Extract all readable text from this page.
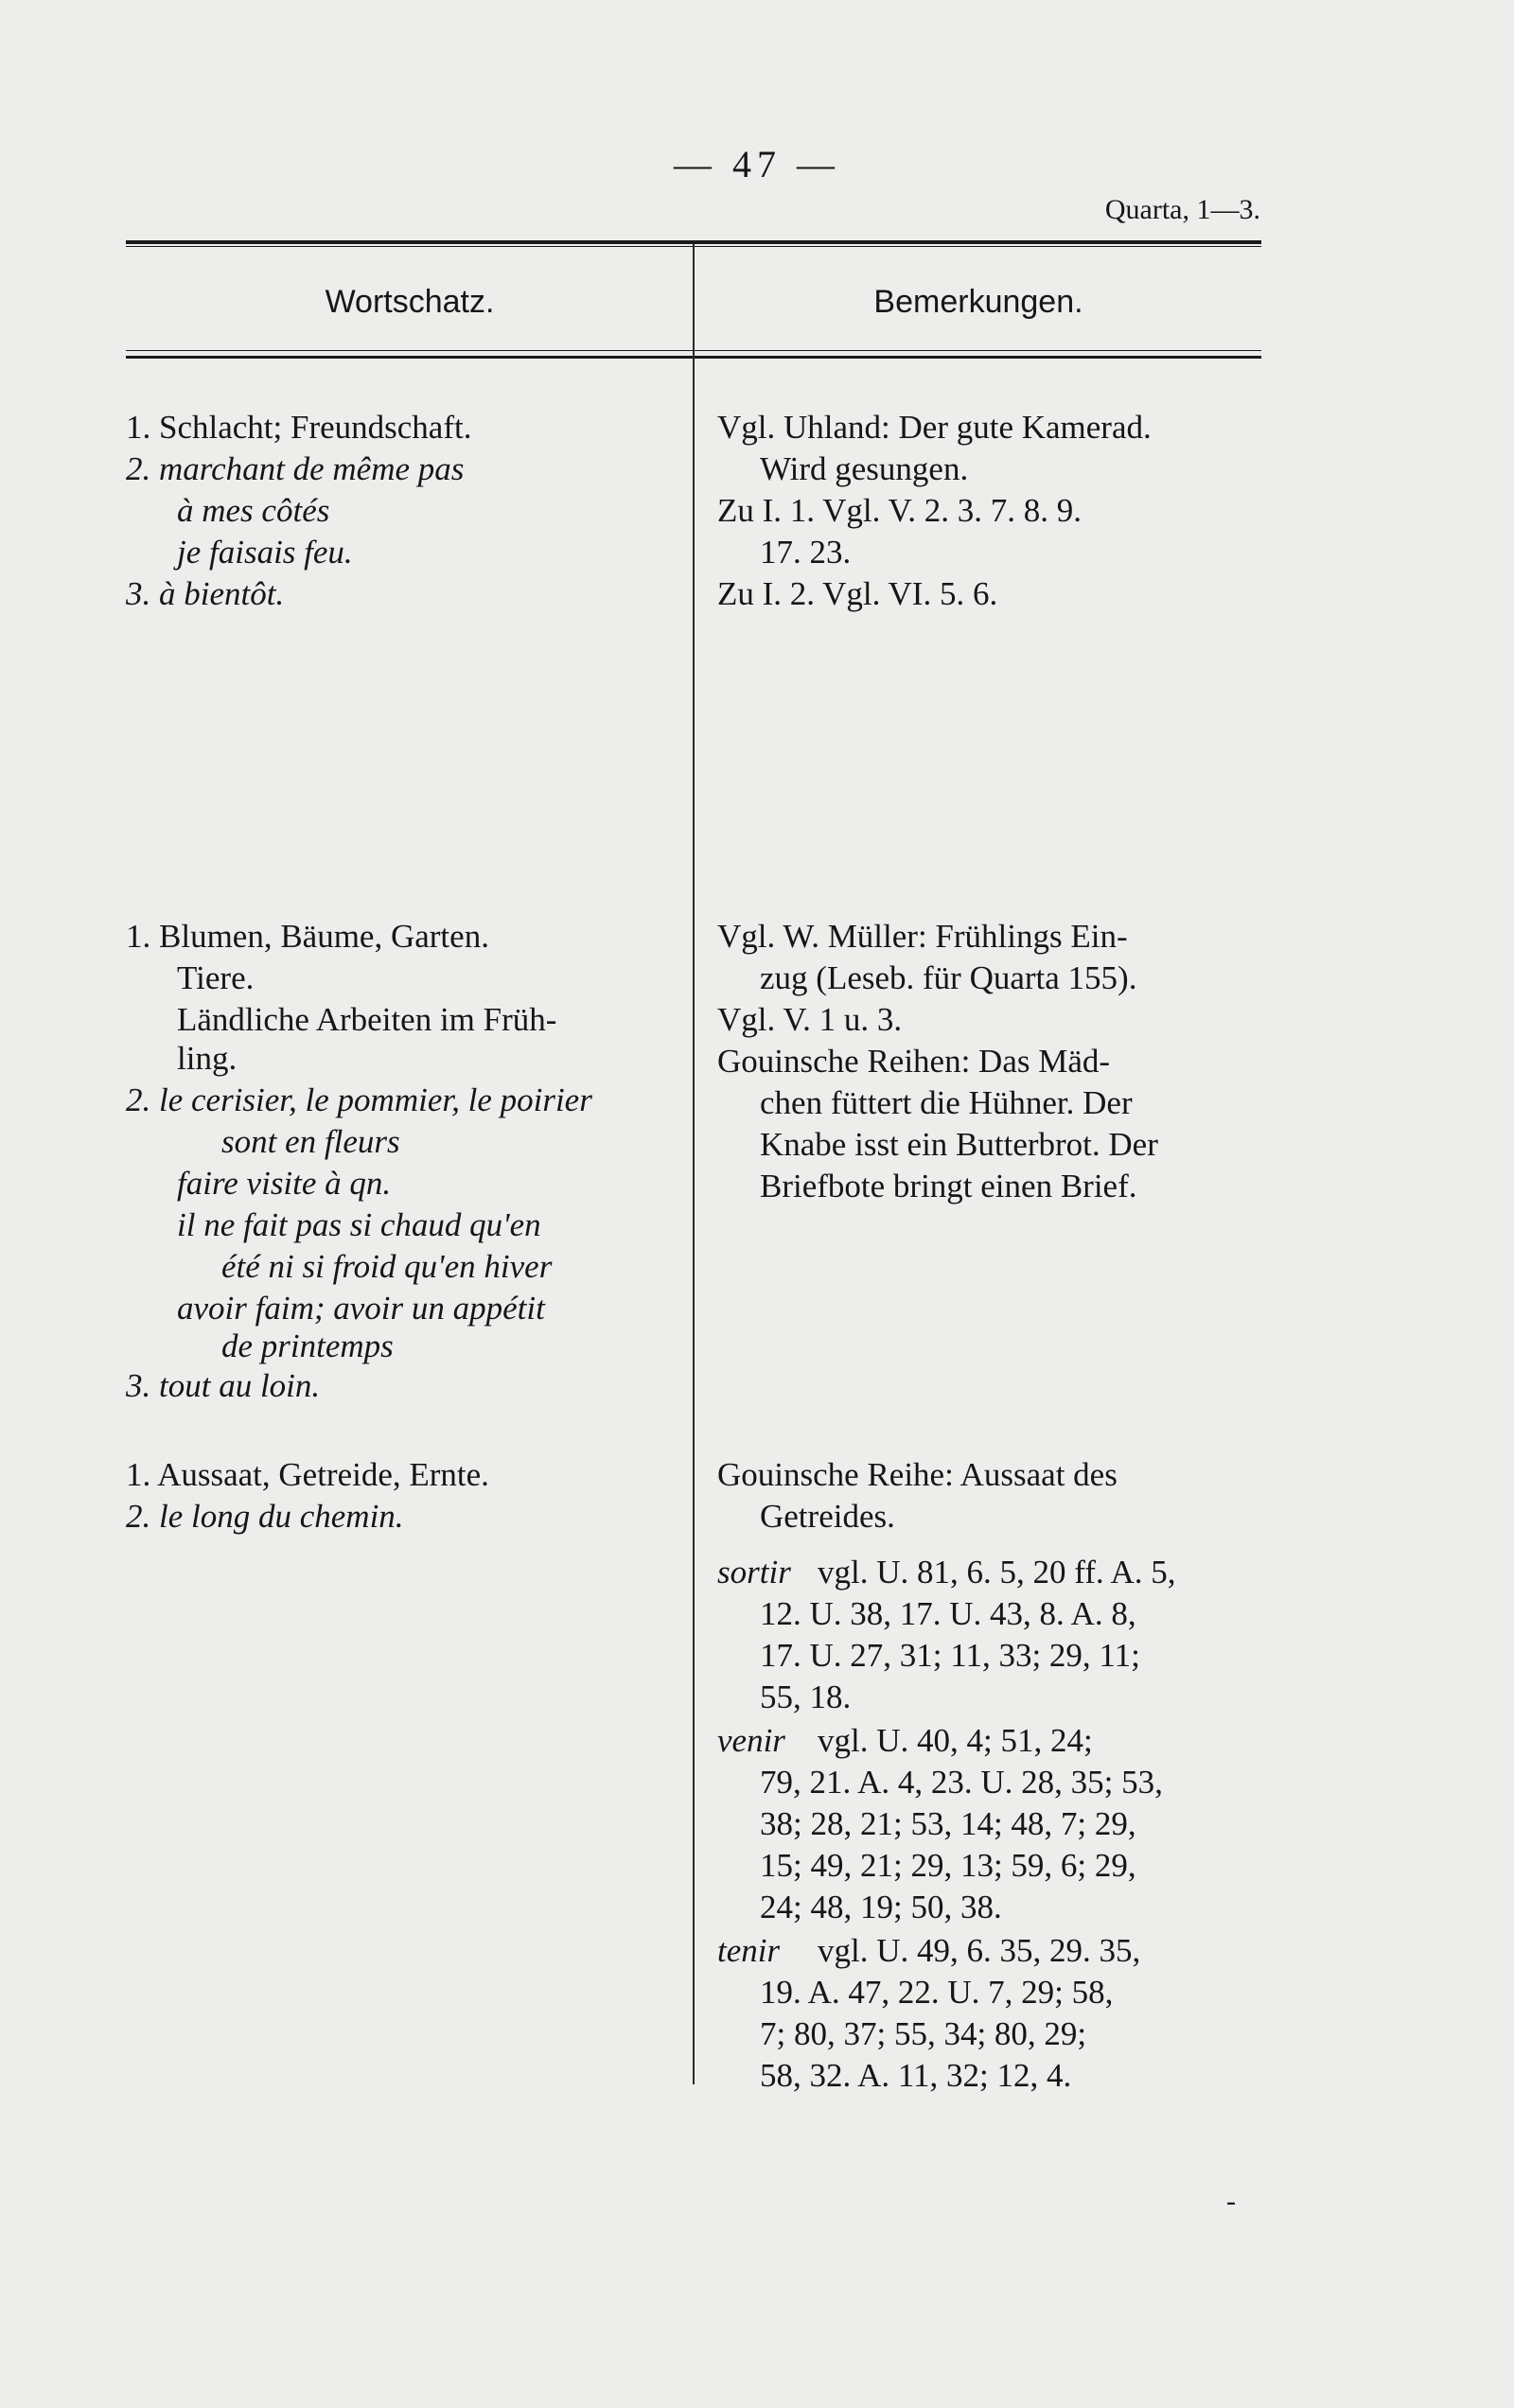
— 47 —
Quarta, 1—3.
Wortschatz.	Bemerkungen.
1. Schlacht; Freundschaft.
2. marchant de même pas
à mes côtés
je faisais feu.
3. à bientôt.
1. Blumen, Bäume, Garten.
Tiere.
Ländliche Arbeiten im Früh-
ling.
2. le cerisier, le pommier, le poirier
sont en fleurs
faire visite à qn.
il ne fait pas si chaud qu'en
été ni si froid qu'en hiver
avoir faim; avoir un appétit
de printemps
3. tout au loin.
1. Aussaat, Getreide, Ernte.
2. le long du chemin.
Vgl. Uhland: Der gute Kamerad.
Wird gesungen.
Zu I. 1. Vgl. V. 2. 3. 7. 8. 9.
17. 23.
Zu I. 2. Vgl. VI. 5. 6.
Vgl. W. Müller: Frühlings Ein-
zug (Leseb. für Quarta 155).
Vgl. V. 1 u. 3.
Gouinsche Reihen: Das Mäd-
chen füttert die Hühner. Der
Knabe isst ein Butterbrot. Der
Briefbote bringt einen Brief.
Gouinsche Reihe: Aussaat des
Getreides.
sortir vgl. U. 81, 6. 5, 20 ff. A. 5,
12. U. 38, 17. U. 43, 8. A. 8,
17. U. 27, 31; 11, 33; 29, 11;
55, 18.
venir vgl. U. 40, 4; 51, 24;
79, 21. A. 4, 23. U. 28, 35; 53,
38; 28, 21; 53, 14; 48, 7; 29,
15; 49, 21; 29, 13; 59, 6; 29,
24; 48, 19; 50, 38.
tenir vgl. U. 49, 6. 35, 29. 35,
19. A. 47, 22. U. 7, 29; 58,
7; 80, 37; 55, 34; 80, 29;
58, 32. A. 11, 32; 12, 4.
-
